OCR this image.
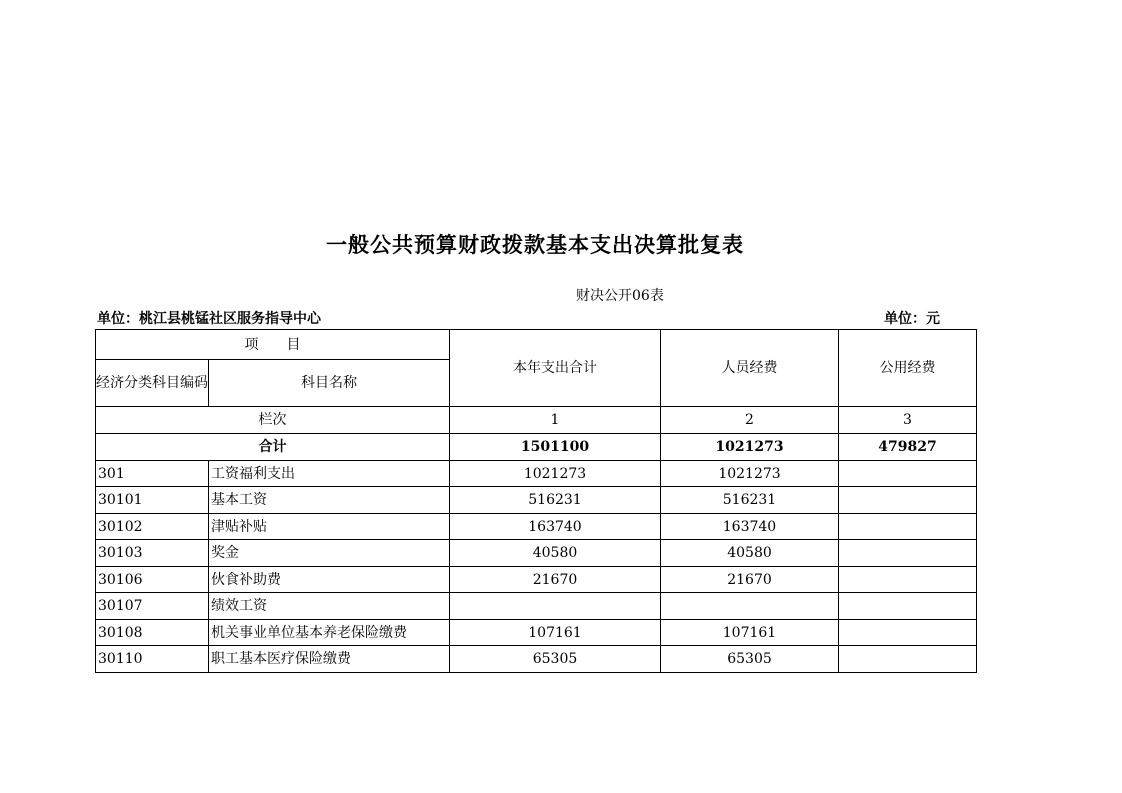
一般公共预算财政拨款基本支出决算批复表
财决公开06表
单位：桃江县桃锰社区服务指导中心	单位：元
项　　目		本年支出合计	人员经费	公用经费
经济分类科目编码	科目名称			
栏次		1	2	3
合计		1501100	1021273	479827
301	工资福利支出	1021273	1021273	
30101	基本工资	516231	516231	
30102	津贴补贴	163740	163740	
30103	奖金	40580	40580	
30106	伙食补助费	21670	21670	
30107	绩效工资			
30108	机关事业单位基本养老保险缴费	107161	107161	
30110	职工基本医疗保险缴费	65305	65305	
